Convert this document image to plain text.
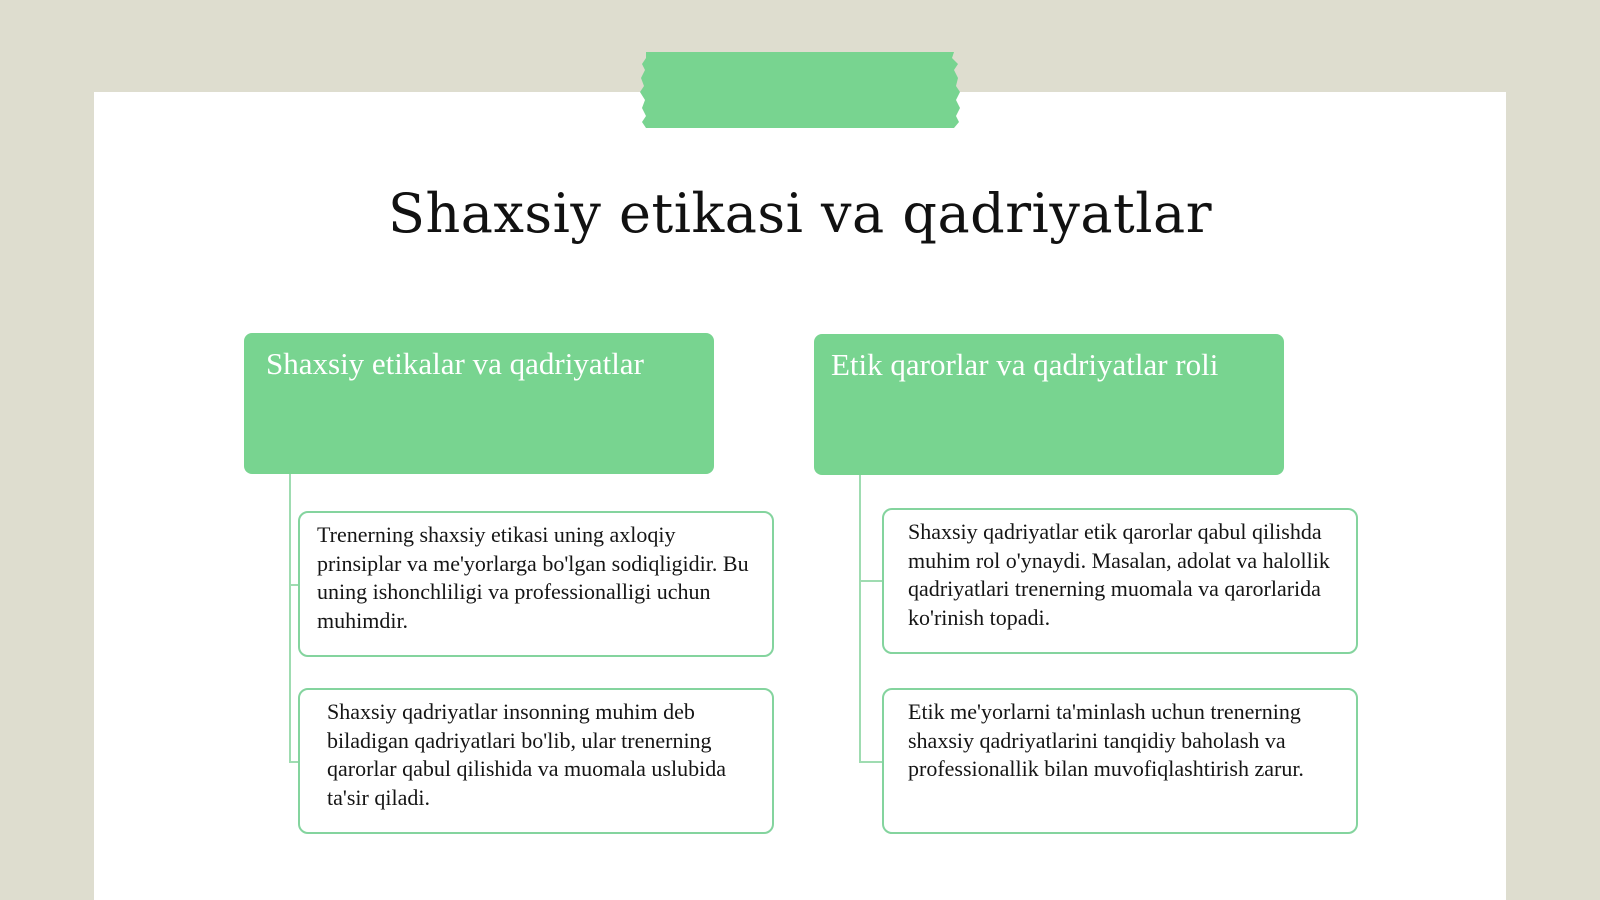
Shaxsiy etikasi va qadriyatlar
Shaxsiy etikalar va qadriyatlar	Etik qarorlar va qadriyatlar roli
Trenerning shaxsiy etikasi uning axloqiy prinsiplar va me'yorlarga bo'lgan sodiqligidir. Bu uning ishonchliligi va professionalligi uchun muhimdir.
Shaxsiy qadriyatlar insonning muhim deb biladigan qadriyatlari bo'lib, ular trenerning qarorlar qabul qilishida va muomala uslubida ta'sir qiladi.
Shaxsiy qadriyatlar etik qarorlar qabul qilishda muhim rol o'ynaydi. Masalan, adolat va halollik qadriyatlari trenerning muomala va qarorlarida ko'rinish topadi.
Etik me'yorlarni ta'minlash uchun trenerning shaxsiy qadriyatlarini tanqidiy baholash va professionallik bilan muvofiqlashtirish zarur.
